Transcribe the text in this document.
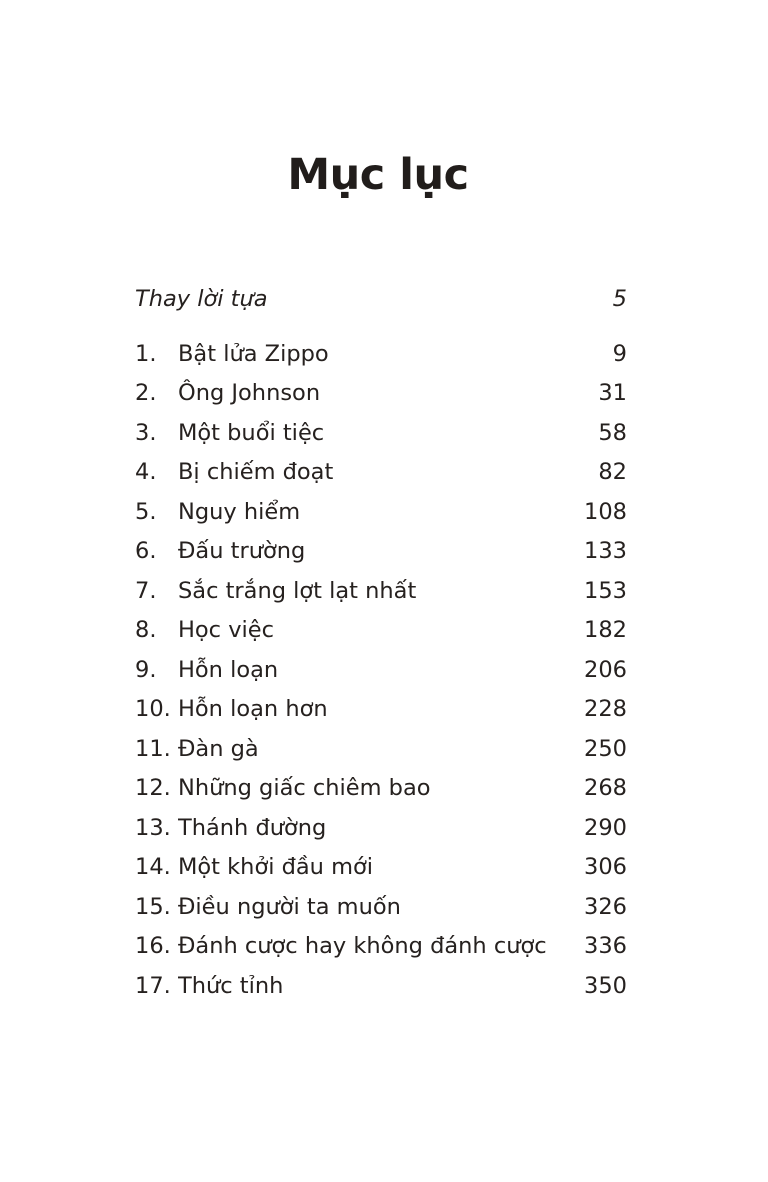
Mục lục
Thay lời tựa	5
1. Bật lửa Zippo	9
2. Ông Johnson	31
3. Một buổi tiệc	58
4. Bị chiếm đoạt	82
5. Nguy hiểm	108
6. Đấu trường	133
7. Sắc trắng lợt lạt nhất	153
8. Học việc	182
9. Hỗn loạn	206
10. Hỗn loạn hơn	228
11. Đàn gà	250
12. Những giấc chiêm bao	268
13. Thánh đường	290
14. Một khởi đầu mới	306
15. Điều người ta muốn	326
16. Đánh cược hay không đánh cược	336
17. Thức tỉnh	350
